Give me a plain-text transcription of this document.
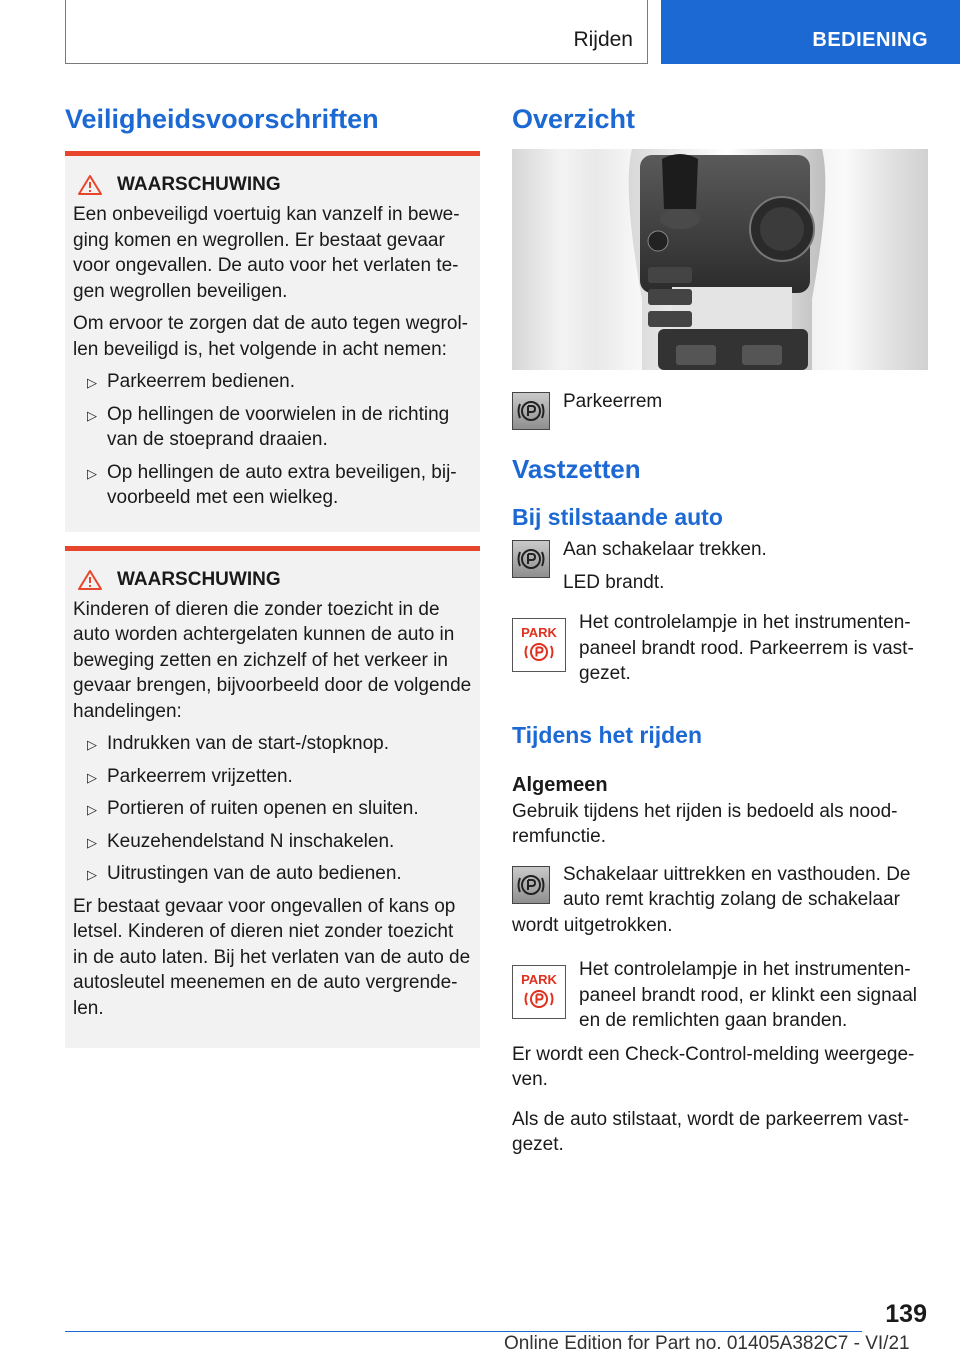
Rijden	BEDIENING
Veiligheidsvoorschriften
WAARSCHUWING

Een onbeveiligd voertuig kan vanzelf in bewe-ging komen en wegrollen. Er bestaat gevaar voor ongevallen. De auto voor het verlaten te-gen wegrollen beveiligen.

Om ervoor te zorgen dat de auto tegen wegrol-len beveiligd is, het volgende in acht nemen:

▷ Parkeerrem bedienen.
▷ Op hellingen de voorwielen in de richting van de stoeprand draaien.
▷ Op hellingen de auto extra beveiligen, bij-voorbeeld met een wielkeg.
WAARSCHUWING

Kinderen of dieren die zonder toezicht in de auto worden achtergelaten kunnen de auto in beweging zetten en zichzelf of het verkeer in gevaar brengen, bijvoorbeeld door de volgende handelingen:

▷ Indrukken van de start-/stopknop.
▷ Parkeerrem vrijzetten.
▷ Portieren of ruiten openen en sluiten.
▷ Keuzehendelstand N inschakelen.
▷ Uitrustingen van de auto bedienen.

Er bestaat gevaar voor ongevallen of kans op letsel. Kinderen of dieren niet zonder toezicht in de auto laten. Bij het verlaten van de auto de autosleutel meenemen en de auto vergrende-len.

Overzicht

Parkeerrem

Vastzetten
Bij stilstaande auto

Aan schakelaar trekken.

LED brandt.

PARK Het controlelampje in het instrumenten-paneel brandt rood. Parkeerrem is vast-gezet.

Tijdens het rijden
Algemeen

Gebruik tijdens het rijden is bedoeld als nood-remfunctie.

Schakelaar uittrekken en vasthouden. De auto remt krachtig zolang de schakelaar wordt uitgetrokken.

PARK Het controlelampje in het instrumenten-paneel brandt rood, er klinkt een signaal en de remlichten gaan branden.

Er wordt een Check-Control-melding weergege-ven.

Als de auto stilstaat, wordt de parkeerrem vast-gezet.

139
Online Edition for Part no. 01405A382C7 - VI/21
